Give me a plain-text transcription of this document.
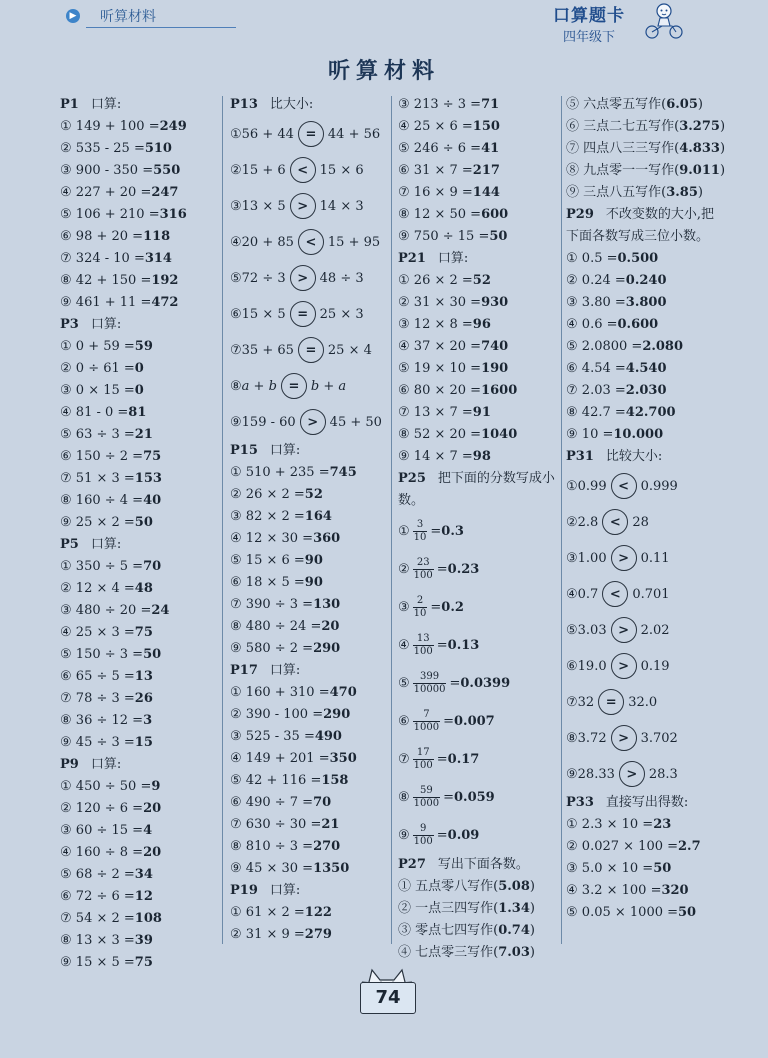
▶ 听算材料	口算题卡
四年级下
听算材料
P1 口算:
① 149 + 100 =249
② 535 - 25 =510
③ 900 - 350 =550
④ 227 + 20 =247
⑤ 106 + 210 =316
⑥ 98 + 20 =118
⑦ 324 - 10 =314
⑧ 42 + 150 =192
⑨ 461 + 11 =472
P3 口算:
① 0 + 59 =59
② 0 ÷ 61 =0
③ 0 × 15 =0
④ 81 - 0 =81
⑤ 63 ÷ 3 =21
⑥ 150 ÷ 2 =75
⑦ 51 × 3 =153
⑧ 160 ÷ 4 =40
⑨ 25 × 2 =50
P5 口算:
① 350 ÷ 5 =70
② 12 × 4 =48
③ 480 ÷ 20 =24
④ 25 × 3 =75
⑤ 150 ÷ 3 =50
⑥ 65 ÷ 5 =13
⑦ 78 ÷ 3 =26
⑧ 36 ÷ 12 =3
⑨ 45 ÷ 3 =15
P9 口算:
① 450 ÷ 50 =9
② 120 ÷ 6 =20
③ 60 ÷ 15 =4
④ 160 ÷ 8 =20
⑤ 68 ÷ 2 =34
⑥ 72 ÷ 6 =12
⑦ 54 × 2 =108
⑧ 13 × 3 =39
⑨ 15 × 5 =75
P13 比大小:
① 56 + 44 = 44 + 56
② 15 + 6 < 15 × 6
③ 13 × 5 > 14 × 3
④ 20 + 85 < 15 + 95
⑤ 72 ÷ 3 > 48 ÷ 3
⑥ 15 × 5 = 25 × 3
⑦ 35 + 65 = 25 × 4
⑧ a + b = b + a
⑨ 159 - 60 > 45 + 50
P15 口算:
① 510 + 235 =745
② 26 × 2 =52
③ 82 × 2 =164
④ 12 × 30 =360
⑤ 15 × 6 =90
⑥ 18 × 5 =90
⑦ 390 ÷ 3 =130
⑧ 480 ÷ 24 =20
⑨ 580 ÷ 2 =290
P17 口算:
① 160 + 310 =470
② 390 - 100 =290
③ 525 - 35 =490
④ 149 + 201 =350
⑤ 42 + 116 =158
⑥ 490 ÷ 7 =70
⑦ 630 ÷ 30 =21
⑧ 810 ÷ 3 =270
⑨ 45 × 30 =1350
P19 口算:
① 61 × 2 =122
② 31 × 9 =279
③ 213 ÷ 3 =71
④ 25 × 6 =150
⑤ 246 ÷ 6 =41
⑥ 31 × 7 =217
⑦ 16 × 9 =144
⑧ 12 × 50 =600
⑨ 750 ÷ 15 =50
P21 口算:
① 26 × 2 =52
② 31 × 30 =930
③ 12 × 8 =96
④ 37 × 20 =740
⑤ 19 × 10 =190
⑥ 80 × 20 =1600
⑦ 13 × 7 =91
⑧ 52 × 20 =1040
⑨ 14 × 7 =98
P25 把下面的分数写成小数。
① $\frac{3}{10} = 0.3$
② $\frac{23}{100} = 0.23$
③ $\frac{2}{10} = 0.2$
④ $\frac{13}{100} = 0.13$
⑤ $\frac{399}{10000} = 0.0399$
⑥ $\frac{7}{1000} = 0.007$
⑦ $\frac{17}{100} = 0.17$
⑧ $\frac{59}{1000} = 0.059$
⑨ $\frac{9}{100} = 0.09$
P27 写出下面各数。
① 五点零八写作(5.08)
② 一点三四写作(1.34)
③ 零点七四写作(0.74)
④ 七点零三写作(7.03)
⑤ 六点零五写作(6.05)
⑥ 三点二七五写作(3.275)
⑦ 四点八三三写作(4.833)
⑧ 九点零一一写作(9.011)
⑨ 三点八五写作(3.85)
P29 不改变数的大小,把下面各数写成三位小数。
① 0.5 =0.500
② 0.24 =0.240
③ 3.80 =3.800
④ 0.6 =0.600
⑤ 2.0800 =2.080
⑥ 4.54 =4.540
⑦ 2.03 =2.030
⑧ 42.7 =42.700
⑨ 10 =10.000
P31 比较大小:
① 0.99 < 0.999
② 2.8 < 28
③ 1.00 > 0.11
④ 0.7 < 0.701
⑤ 3.03 > 2.02
⑥ 19.0 > 0.19
⑦ 32 = 32.0
⑧ 3.72 > 3.702
⑨ 28.33 > 28.3
P33 直接写出得数:
① 2.3 × 10 =23
② 0.027 × 100 =2.7
③ 5.0 × 10 =50
④ 3.2 × 100 =320
⑤ 0.05 × 1000 =50
74
